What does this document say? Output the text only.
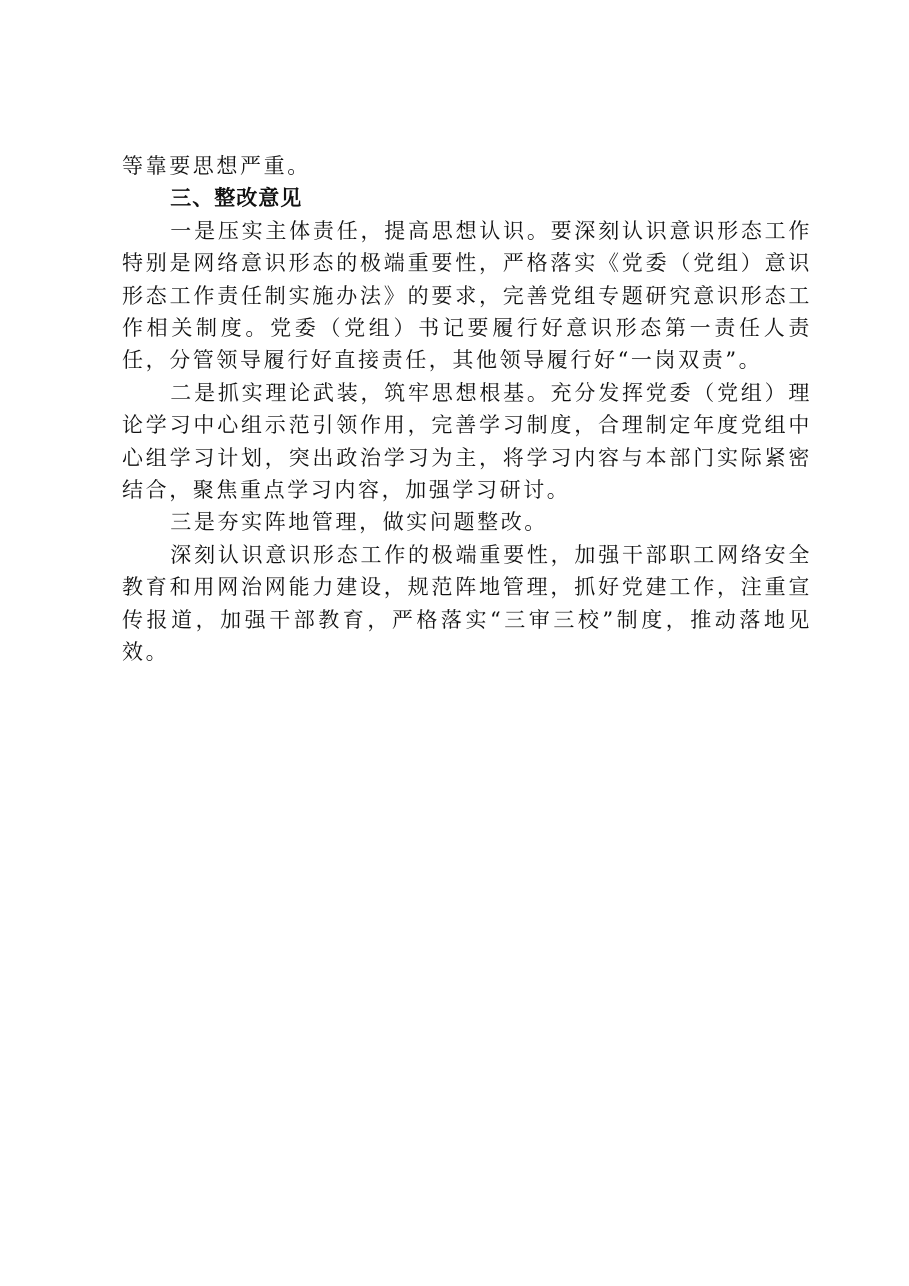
等靠要思想严重。

三、整改意见

一是压实主体责任，提高思想认识。要深刻认识意识形态工作特别是网络意识形态的极端重要性，严格落实《党委（党组）意识形态工作责任制实施办法》的要求，完善党组专题研究意识形态工作相关制度。党委（党组）书记要履行好意识形态第一责任人责任，分管领导履行好直接责任，其他领导履行好“一岗双责”。

二是抓实理论武装，筑牢思想根基。充分发挥党委（党组）理论学习中心组示范引领作用，完善学习制度，合理制定年度党组中心组学习计划，突出政治学习为主，将学习内容与本部门实际紧密结合，聚焦重点学习内容，加强学习研讨。

三是夯实阵地管理，做实问题整改。

深刻认识意识形态工作的极端重要性，加强干部职工网络安全教育和用网治网能力建设，规范阵地管理，抓好党建工作，注重宣传报道，加强干部教育，严格落实“三审三校”制度，推动落地见效。
